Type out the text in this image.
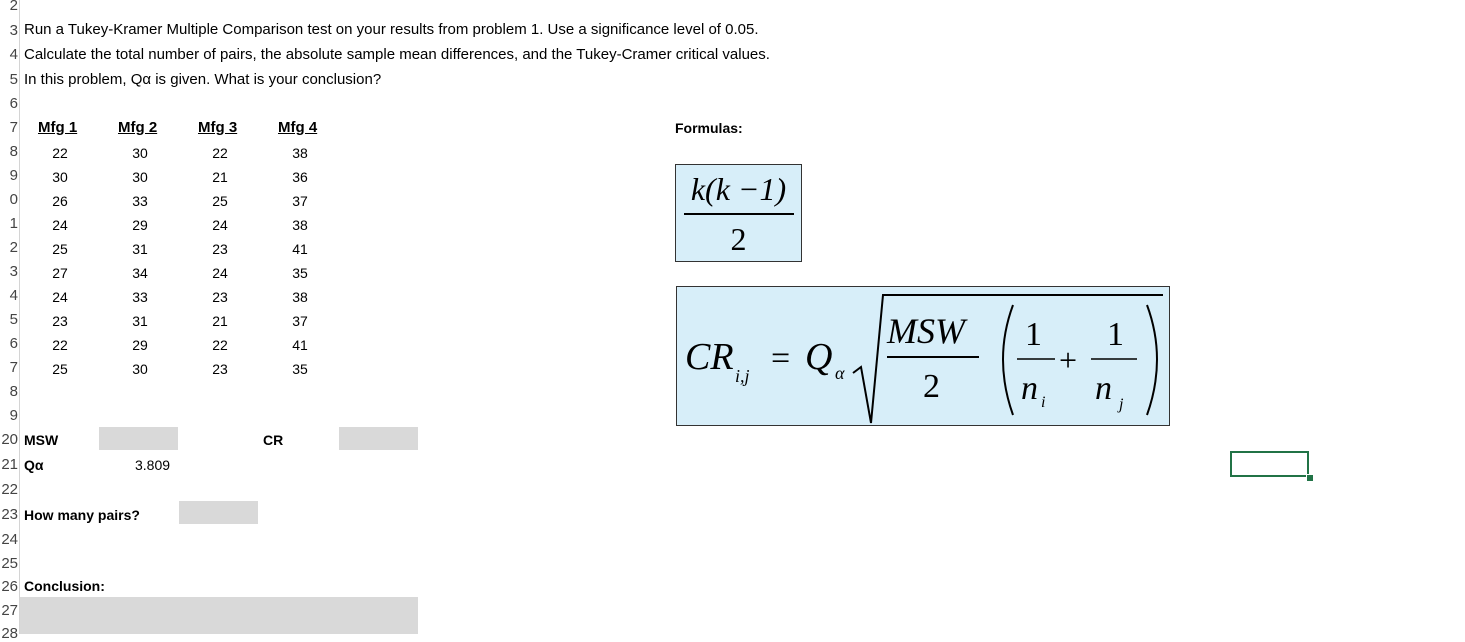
2
3
4
5
6
7
8
9
0
1
2
3
4
5
6
7
8
9
20
21
22
23
24
25
26
27
28
Run a Tukey-Kramer Multiple Comparison test on your results from problem 1. Use a significance level of 0.05.
Calculate the total number of pairs, the absolute sample mean differences, and the Tukey-Cramer critical values.
In this problem, Qα is given. What is your conclusion?
Mfg 1	Mfg 2	Mfg 3	Mfg 4
22	30	22	38
30	30	21	36
26	33	25	37
24	29	24	38
25	31	23	41
27	34	24	35
24	33	23	38
23	31	21	37
22	29	22	41
25	30	23	35
Formulas:
k(k −1)
2
CR i,j = Q α
MSW
2
1
n i
+
1
n j
MSW	CR
Qα	3.809
How many pairs?
Conclusion:
